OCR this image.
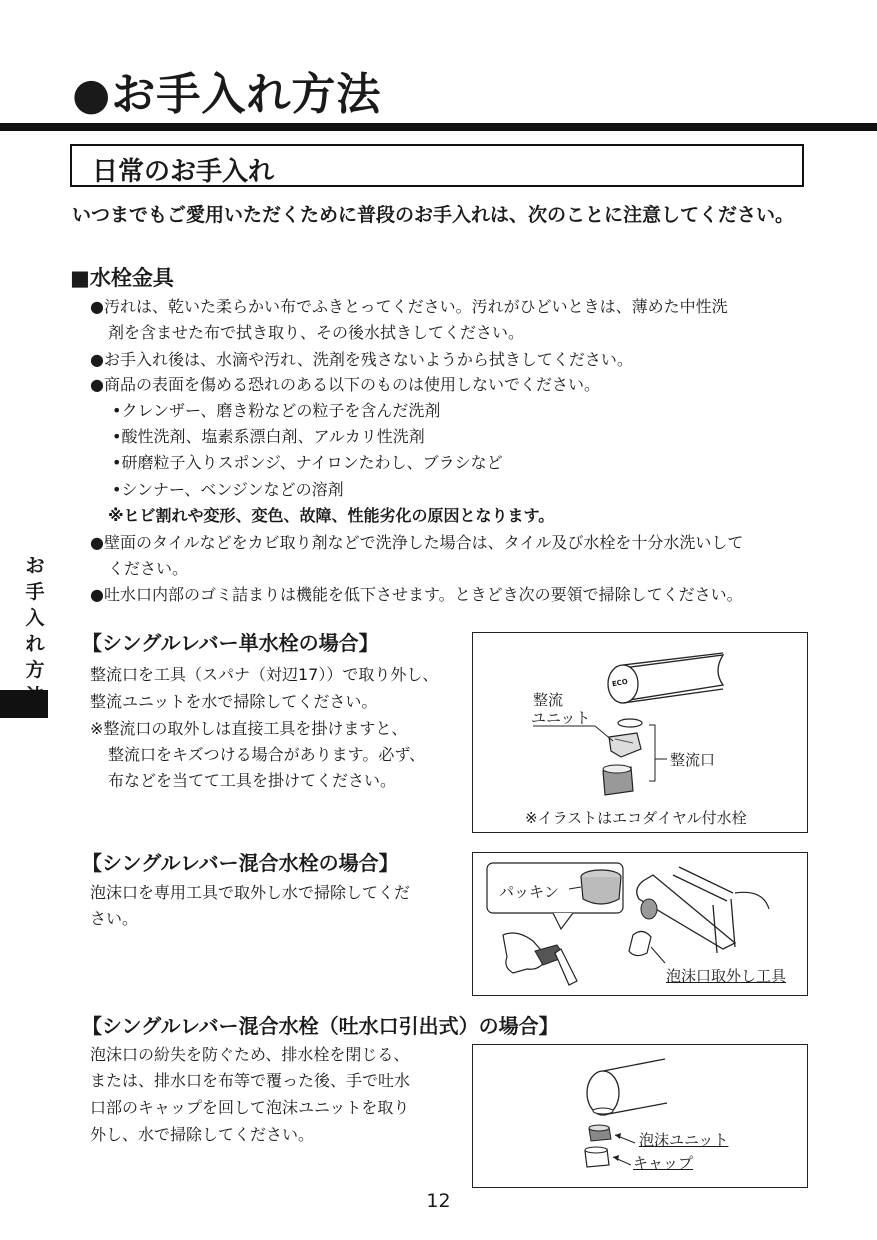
●お手入れ方法
日常のお手入れ
いつまでもご愛用いただくために普段のお手入れは、次のことに注意してください。
お手入れ方
■水栓金具
●汚れは、乾いた柔らかい布でふきとってください。汚れがひどいときは、薄めた中性洗
剤を含ませた布で拭き取り、その後水拭きしてください。
●お手入れ後は、水滴や汚れ、洗剤を残さないようから拭きしてください。
●商品の表面を傷める恐れのある以下のものは使用しないでください。
•クレンザー、磨き粉などの粒子を含んだ洗剤
•酸性洗剤、塩素系漂白剤、アルカリ性洗剤
•研磨粒子入りスポンジ、ナイロンたわし、ブラシなど
•シンナー、ベンジンなどの溶剤
※ヒビ割れや変形、変色、故障、性能劣化の原因となります。
●壁面のタイルなどをカビ取り剤などで洗浄した場合は、タイル及び水栓を十分水洗いして
ください。
●吐水口内部のゴミ詰まりは機能を低下させます。ときどき次の要領で掃除してください。
【シングルレバー単水栓の場合】
整流口を工具（スパナ（対辺17））で取り外し、
整流ユニットを水で掃除してください。
※整流口の取外しは直接工具を掛けますと、
整流口をキズつける場合があります。必ず、
布などを当てて工具を掛けてください。
ECO
整流
ユニット
整流口
※イラストはエコダイヤル付水栓
【シングルレバー混合水栓の場合】
泡沫口を専用工具で取外し水で掃除してくだ
さい。
パッキン
泡沫口取外し工具
【シングルレバー混合水栓（吐水口引出式）の場合】
泡沫口の紛失を防ぐため、排水栓を閉じる、
または、排水口を布等で覆った後、手で吐水
口部のキャップを回して泡沫ユニットを取り
外し、水で掃除してください。	泡沫ユニット
キャップ
12
